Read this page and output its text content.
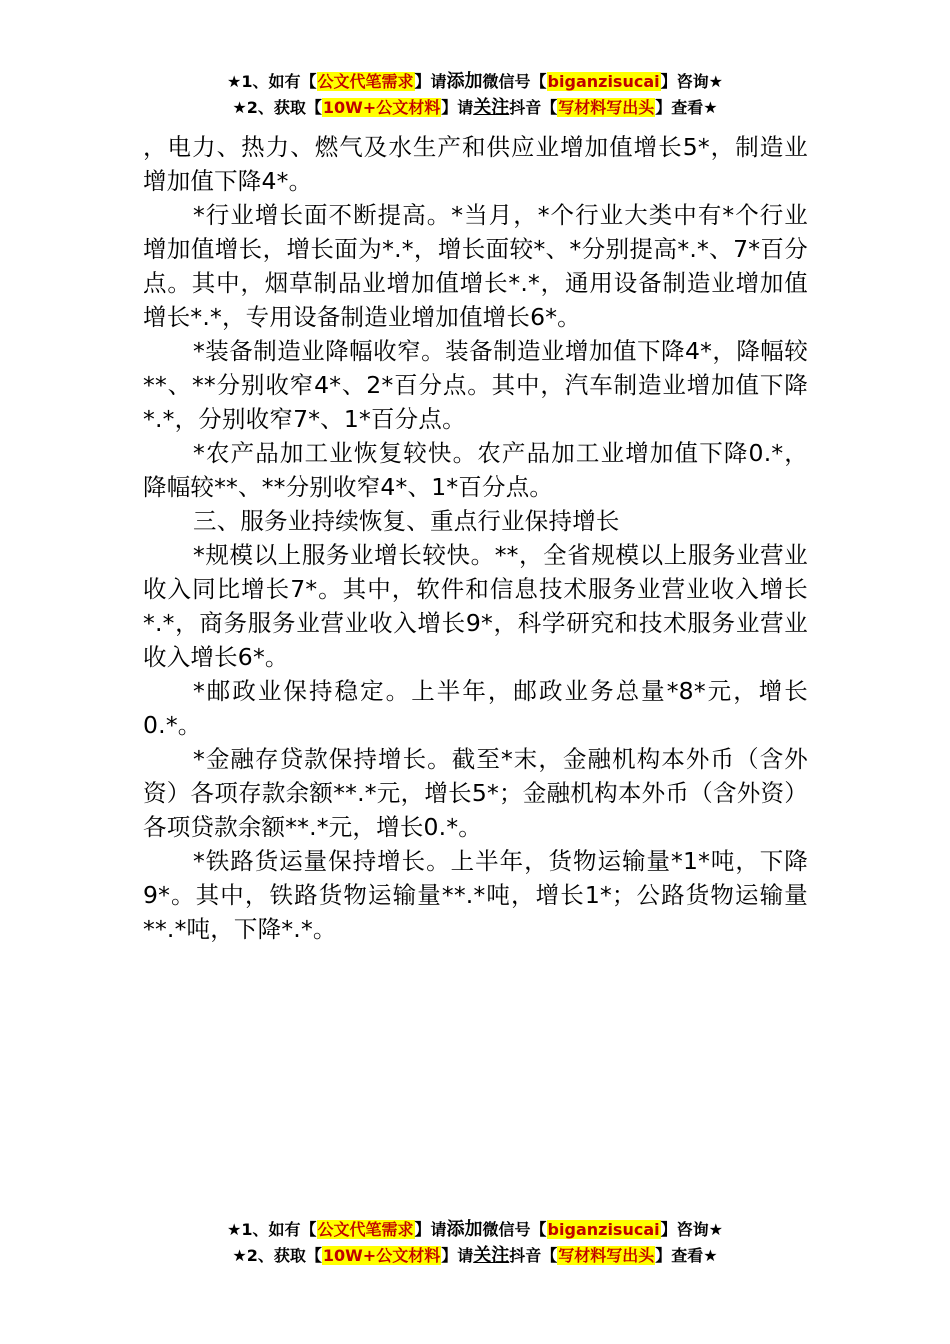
★1、如有【公文代笔需求】请添加微信号【biganzisucai】咨询★
★2、获取【10W+公文材料】请关注抖音【写材料写出头】查看★

，电力、热力、燃气及水生产和供应业增加值增长5*，制造业增加值下降4*。

*行业增长面不断提高。*当月，*个行业大类中有*个行业增加值增长，增长面为*.*，增长面较*、*分别提高*.*、7*百分点。其中，烟草制品业增加值增长*.*，通用设备制造业增加值增长*.*，专用设备制造业增加值增长6*。

*装备制造业降幅收窄。装备制造业增加值下降4*，降幅较**、**分别收窄4*、2*百分点。其中，汽车制造业增加值下降*.*，分别收窄7*、1*百分点。

*农产品加工业恢复较快。农产品加工业增加值下降0.*，降幅较**、**分别收窄4*、1*百分点。

三、服务业持续恢复、重点行业保持增长

*规模以上服务业增长较快。**，全省规模以上服务业营业收入同比增长7*。其中，软件和信息技术服务业营业收入增长*.*，商务服务业营业收入增长9*，科学研究和技术服务业营业收入增长6*。

*邮政业保持稳定。上半年，邮政业务总量*8*元，增长0.*。

*金融存贷款保持增长。截至*末，金融机构本外币（含外资）各项存款余额**.*元，增长5*；金融机构本外币（含外资）各项贷款余额**.*元，增长0.*。

*铁路货运量保持增长。上半年，货物运输量*1*吨，下降9*。其中，铁路货物运输量**.*吨，增长1*；公路货物运输量**.*吨，下降*.*。

★1、如有【公文代笔需求】请添加微信号【biganzisucai】咨询★
★2、获取【10W+公文材料】请关注抖音【写材料写出头】查看★
